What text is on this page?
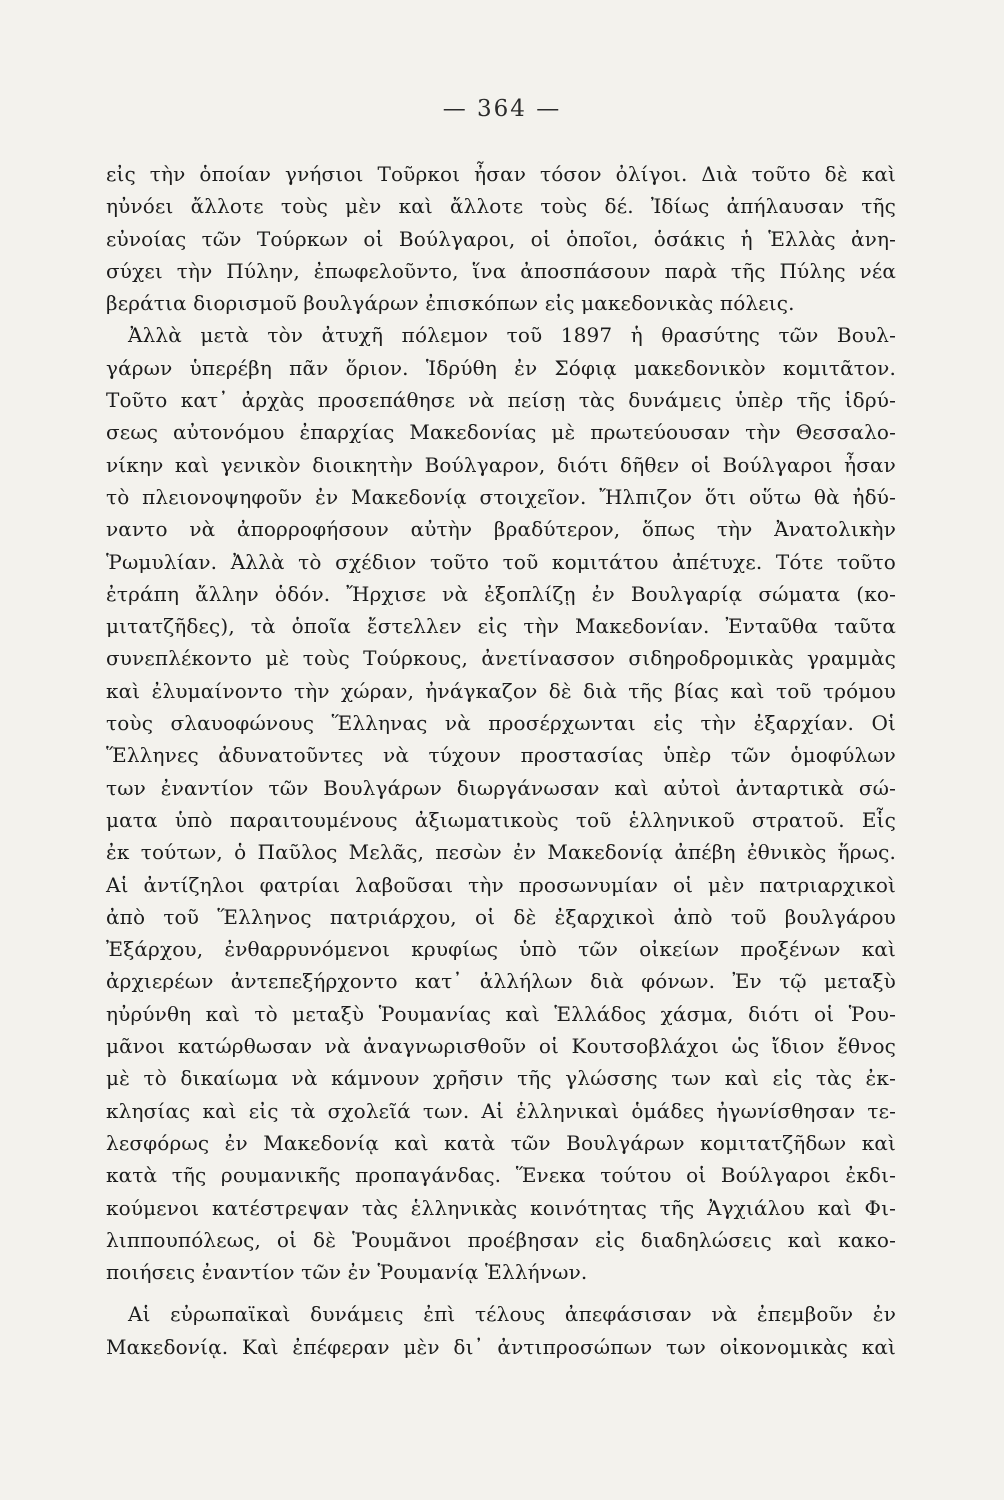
— 364 —
εἰς τὴν ὁποίαν γνήσιοι Τοῦρκοι ἦσαν τόσον ὀλίγοι. Διὰ τοῦτο δὲ καὶ
ηὐνόει ἄλλοτε τοὺς μὲν καὶ ἄλλοτε τοὺς δέ. Ἰδίως ἀπήλαυσαν τῆς
εὐνοίας τῶν Τούρκων οἱ Βούλγαροι, οἱ ὁποῖοι, ὁσάκις ἡ Ἑλλὰς ἀνη-
σύχει τὴν Πύλην, ἐπωφελοῦντο, ἵνα ἀποσπάσουν παρὰ τῆς Πύλης νέα
βεράτια διορισμοῦ βουλγάρων ἐπισκόπων εἰς μακεδονικὰς πόλεις.
Ἀλλὰ μετὰ τὸν ἀτυχῆ πόλεμον τοῦ 1897 ἡ θρασύτης τῶν Βουλ-
γάρων ὑπερέβη πᾶν ὅριον. Ἱδρύθη ἐν Σόφιᾳ μακεδονικὸν κομιτᾶτον.
Τοῦτο κατ᾽ ἀρχὰς προσεπάθησε νὰ πείσῃ τὰς δυνάμεις ὑπὲρ τῆς ἱδρύ-
σεως αὐτονόμου ἐπαρχίας Μακεδονίας μὲ πρωτεύουσαν τὴν Θεσσαλο-
νίκην καὶ γενικὸν διοικητὴν Βούλγαρον, διότι δῆθεν οἱ Βούλγαροι ἦσαν
τὸ πλειονοψηφοῦν ἐν Μακεδονίᾳ στοιχεῖον. Ἤλπιζον ὅτι οὕτω θὰ ἠδύ-
ναντο νὰ ἀπορροφήσουν αὐτὴν βραδύτερον, ὅπως τὴν Ἀνατολικὴν
Ῥωμυλίαν. Ἀλλὰ τὸ σχέδιον τοῦτο τοῦ κομιτάτου ἀπέτυχε. Τότε τοῦτο
ἐτράπη ἄλλην ὁδόν. Ἤρχισε νὰ ἐξοπλίζῃ ἐν Βουλγαρίᾳ σώματα (κο-
μιτατζῆδες), τὰ ὁποῖα ἔστελλεν εἰς τὴν Μακεδονίαν. Ἐνταῦθα ταῦτα
συνεπλέκοντο μὲ τοὺς Τούρκους, ἀνετίνασσον σιδηροδρομικὰς γραμμὰς
καὶ ἐλυμαίνοντο τὴν χώραν, ἠνάγκαζον δὲ διὰ τῆς βίας καὶ τοῦ τρόμου
τοὺς σλαυοφώνους Ἕλληνας νὰ προσέρχωνται εἰς τὴν ἐξαρχίαν. Οἱ
Ἕλληνες ἀδυνατοῦντες νὰ τύχουν προστασίας ὑπὲρ τῶν ὁμοφύλων
των ἐναντίον τῶν Βουλγάρων διωργάνωσαν καὶ αὐτοὶ ἀνταρτικὰ σώ-
ματα ὑπὸ παραιτουμένους ἀξιωματικοὺς τοῦ ἑλληνικοῦ στρατοῦ. Εἷς
ἐκ τούτων, ὁ Παῦλος Μελᾶς, πεσὼν ἐν Μακεδονίᾳ ἀπέβη ἐθνικὸς ἥρως.
Αἱ ἀντίζηλοι φατρίαι λαβοῦσαι τὴν προσωνυμίαν οἱ μὲν πατριαρχικοὶ
ἀπὸ τοῦ Ἕλληνος πατριάρχου, οἱ δὲ ἐξαρχικοὶ ἀπὸ τοῦ βουλγάρου
Ἐξάρχου, ἐνθαρρυνόμενοι κρυφίως ὑπὸ τῶν οἰκείων προξένων καὶ
ἀρχιερέων ἀντεπεξήρχοντο κατ᾽ ἀλλήλων διὰ φόνων. Ἐν τῷ μεταξὺ
ηὐρύνθη καὶ τὸ μεταξὺ Ῥουμανίας καὶ Ἑλλάδος χάσμα, διότι οἱ Ῥου-
μᾶνοι κατώρθωσαν νὰ ἀναγνωρισθοῦν οἱ Κουτσοβλάχοι ὡς ἴδιον ἔθνος
μὲ τὸ δικαίωμα νὰ κάμνουν χρῆσιν τῆς γλώσσης των καὶ εἰς τὰς ἐκ-
κλησίας καὶ εἰς τὰ σχολεῖά των. Αἱ ἑλληνικαὶ ὁμάδες ἠγωνίσθησαν τε-
λεσφόρως ἐν Μακεδονίᾳ καὶ κατὰ τῶν Βουλγάρων κομιτατζῆδων καὶ
κατὰ τῆς ρουμανικῆς προπαγάνδας. Ἕνεκα τούτου οἱ Βούλγαροι ἐκδι-
κούμενοι κατέστρεψαν τὰς ἑλληνικὰς κοινότητας τῆς Ἀγχιάλου καὶ Φι-
λιππουπόλεως, οἱ δὲ Ῥουμᾶνοι προέβησαν εἰς διαδηλώσεις καὶ κακο-
ποιήσεις ἐναντίον τῶν ἐν Ῥουμανίᾳ Ἑλλήνων.
Αἱ εὐρωπαϊκαὶ δυνάμεις ἐπὶ τέλους ἀπεφάσισαν νὰ ἐπεμβοῦν ἐν
Μακεδονίᾳ. Καὶ ἐπέφεραν μὲν δι᾽ ἀντιπροσώπων των οἰκονομικὰς καὶ
